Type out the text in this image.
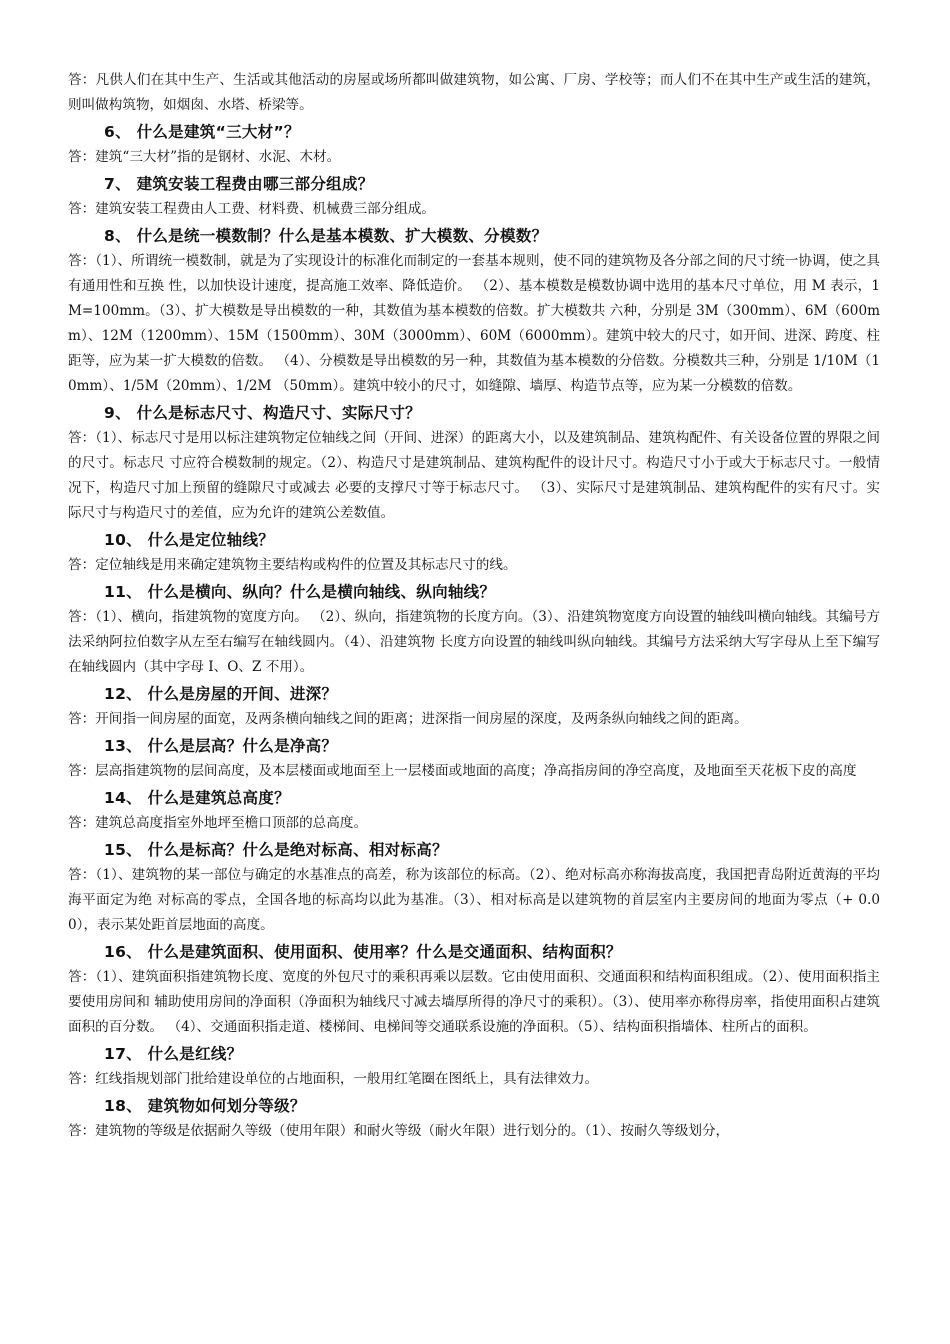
答：凡供人们在其中生产、生活或其他活动的房屋或场所都叫做建筑物，如公寓、厂房、学校等；而人们不在其中生产或生活的建筑，则叫做构筑物，如烟囱、水塔、桥梁等。

6、 什么是建筑“三大材”？

答：建筑“三大材”指的是钢材、水泥、木材。

7、 建筑安装工程费由哪三部分组成？

答：建筑安装工程费由人工费、材料费、机械费三部分组成。

8、 什么是统一模数制？什么是基本模数、扩大模数、分模数？

答：（1）、所谓统一模数制，就是为了实现设计的标准化而制定的一套基本规则，使不同的建筑物及各分部之间的尺寸统一协调，使之具有通用性和互换 性，以加快设计速度，提高施工效率、降低造价。 （2）、基本模数是模数协调中选用的基本尺寸单位，用 M 表示，1M=100mm。（3）、扩大模数是导出模数的一种，其数值为基本模数的倍数。扩大模数共 六种，分别是 3M（300mm）、6M（600mm）、12M（1200mm）、15M（1500mm）、30M（3000mm）、60M（6000mm）。建筑中较大的尺寸，如开间、进深、跨度、柱距等，应为某一扩大模数的倍数。 （4）、分模数是导出模数的另一种，其数值为基本模数的分倍数。分模数共三种，分别是 1/10M（10mm）、1/5M（20mm）、1/2M （50mm）。建筑中较小的尺寸，如缝隙、墙厚、构造节点等，应为某一分模数的倍数。

9、 什么是标志尺寸、构造尺寸、实际尺寸？

答：（1）、标志尺寸是用以标注建筑物定位轴线之间（开间、进深）的距离大小，以及建筑制品、建筑构配件、有关设备位置的界限之间的尺寸。标志尺 寸应符合模数制的规定。（2）、构造尺寸是建筑制品、建筑构配件的设计尺寸。构造尺寸小于或大于标志尺寸。一般情况下，构造尺寸加上预留的缝隙尺寸或减去 必要的支撑尺寸等于标志尺寸。 （3）、实际尺寸是建筑制品、建筑构配件的实有尺寸。实际尺寸与构造尺寸的差值，应为允许的建筑公差数值。

10、 什么是定位轴线？

答：定位轴线是用来确定建筑物主要结构或构件的位置及其标志尺寸的线。

11、 什么是横向、纵向？什么是横向轴线、纵向轴线？

答：（1）、横向，指建筑物的宽度方向。 （2）、纵向，指建筑物的长度方向。（3）、沿建筑物宽度方向设置的轴线叫横向轴线。其编号方法采纳阿拉伯数字从左至右编写在轴线圆内。（4）、沿建筑物 长度方向设置的轴线叫纵向轴线。其编号方法采纳大写字母从上至下编写在轴线圆内（其中字母 I、O、Z 不用）。

12、 什么是房屋的开间、进深？

答：开间指一间房屋的面宽，及两条横向轴线之间的距离；进深指一间房屋的深度，及两条纵向轴线之间的距离。

13、 什么是层高？什么是净高？

答：层高指建筑物的层间高度，及本层楼面或地面至上一层楼面或地面的高度；净高指房间的净空高度，及地面至天花板下皮的高度

14、 什么是建筑总高度？

答：建筑总高度指室外地坪至檐口顶部的总高度。

15、 什么是标高？什么是绝对标高、相对标高？

答：（1）、建筑物的某一部位与确定的水基准点的高差，称为该部位的标高。（2）、绝对标高亦称海拔高度，我国把青岛附近黄海的平均海平面定为绝 对标高的零点，全国各地的标高均以此为基准。（3）、相对标高是以建筑物的首层室内主要房间的地面为零点（+ 0.00），表示某处距首层地面的高度。

16、 什么是建筑面积、使用面积、使用率？什么是交通面积、结构面积？

答：（1）、建筑面积指建筑物长度、宽度的外包尺寸的乘积再乘以层数。它由使用面积、交通面积和结构面积组成。（2）、使用面积指主要使用房间和 辅助使用房间的净面积（净面积为轴线尺寸减去墙厚所得的净尺寸的乘积）。（3）、使用率亦称得房率，指使用面积占建筑面积的百分数。 （4）、交通面积指走道、楼梯间、电梯间等交通联系设施的净面积。（5）、结构面积指墙体、柱所占的面积。

17、 什么是红线？

答：红线指规划部门批给建设单位的占地面积，一般用红笔圈在图纸上，具有法律效力。

18、 建筑物如何划分等级？

答：建筑物的等级是依据耐久等级（使用年限）和耐火等级（耐火年限）进行划分的。（1）、按耐久等级划分，
